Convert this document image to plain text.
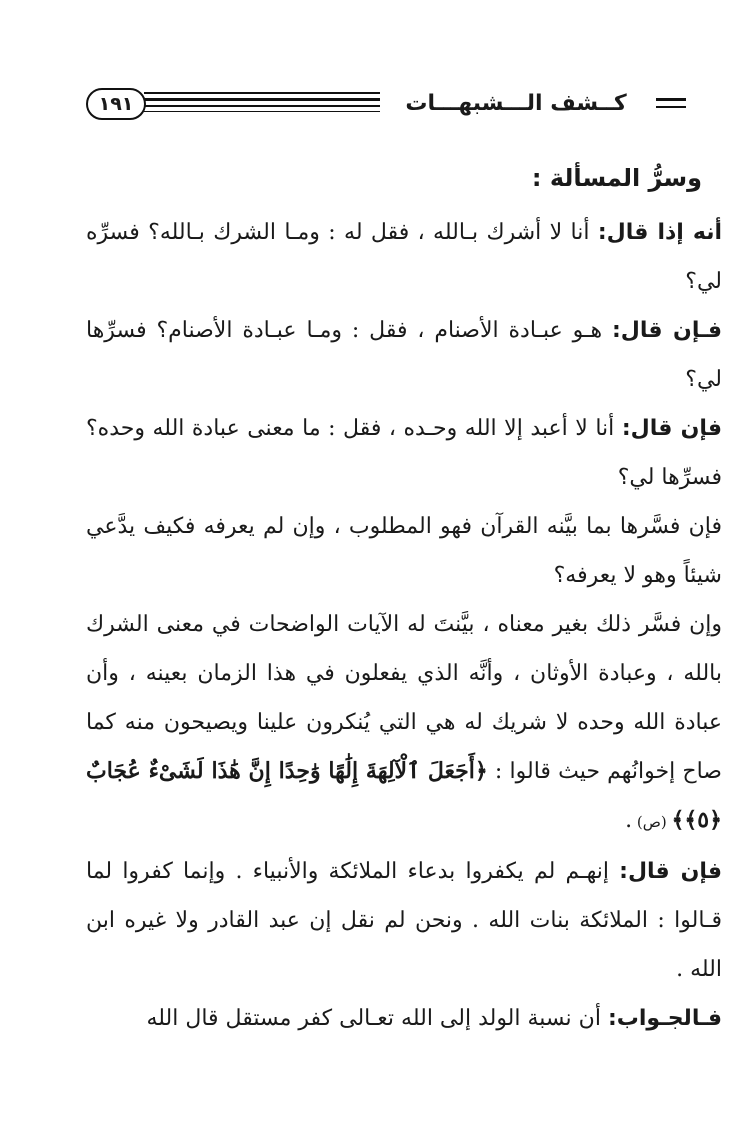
١٩١	كــشف الـــشبهـــات

وسرُّ المسألة :

أنه إذا قال: أنا لا أشرك بـالله ، فقل له : ومـا الشرك بـالله؟ فسرِّه لي؟

فـإن قال: هـو عبـادة الأصنام ، فقل : ومـا عبـادة الأصنام؟ فسرِّها لي؟

فإن قال: أنا لا أعبد إلا الله وحـده ، فقل : ما معنى عبادة الله وحده؟ فسرِّها لي؟

فإن فسَّرها بما بيَّنه القرآن فهو المطلوب ، وإن لم يعرفه فكيف يدَّعي شيئاً وهو لا يعرفه؟

وإن فسَّر ذلك بغير معناه ، بيَّنتَ له الآيات الواضحات في معنى الشرك بالله ، وعبادة الأوثان ، وأنَّه الذي يفعلون في هذا الزمان بعينه ، وأن عبادة الله وحده لا شريك له هي التي يُنكرون علينا ويصيحون منه كما صاح إخوانُهم حيث قالوا : ﴿أَجَعَلَ ٱلْآلِهَةَ إِلَٰهًا وَٰحِدًا إِنَّ هَٰذَا لَشَىْءٌ عُجَابٌ ﴿٥﴾﴾ (ص) .

فإن قال: إنهـم لم يكفروا بدعاء الملائكة والأنبياء . وإنما كفروا لما قـالوا : الملائكة بنات الله . ونحن لم نقل إن عبد القادر ولا غيره ابن الله .

فـالجـواب: أن نسبة الولد إلى الله تعـالى كفر مستقل قال الله
